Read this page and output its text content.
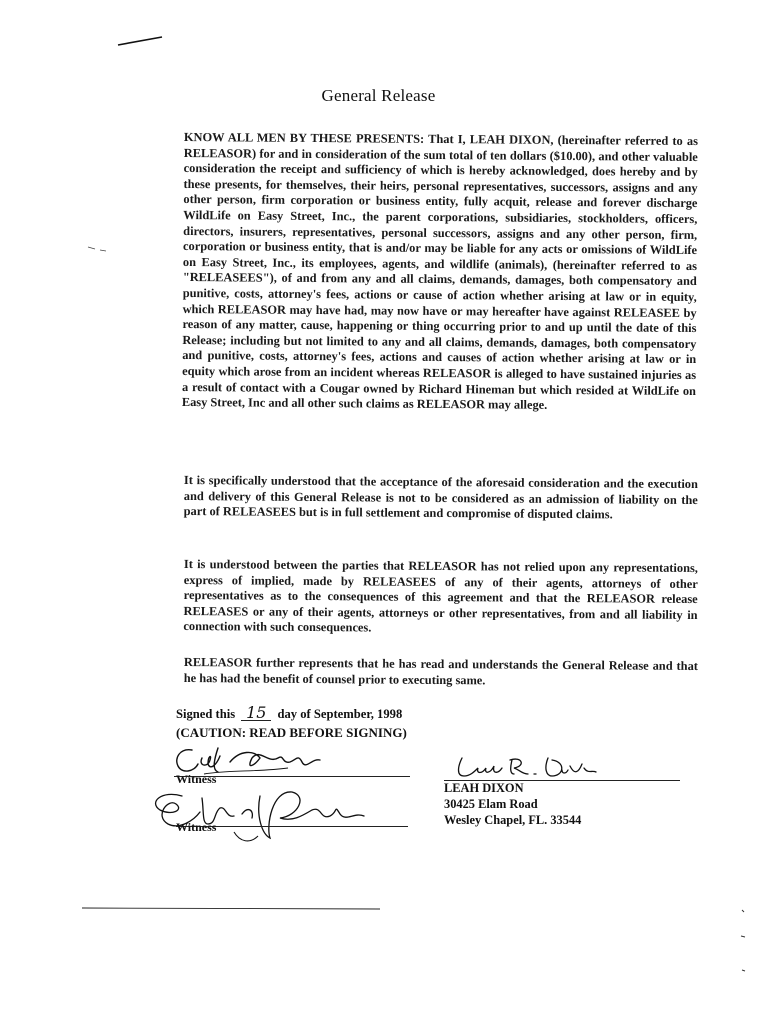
General Release
KNOW ALL MEN BY THESE PRESENTS: That I, LEAH DIXON, (hereinafter referred to as RELEASOR) for and in consideration of the sum total of ten dollars ($10.00), and other valuable consideration the receipt and sufficiency of which is hereby acknowledged, does hereby and by these presents, for themselves, their heirs, personal representatives, successors, assigns and any other person, firm corporation or business entity, fully acquit, release and forever discharge WildLife on Easy Street, Inc., the parent corporations, subsidiaries, stockholders, officers, directors, insurers, representatives, personal successors, assigns and any other person, firm, corporation or business entity, that is and/or may be liable for any acts or omissions of WildLife on Easy Street, Inc., its employees, agents, and wildlife (animals), (hereinafter referred to as "RELEASEES"), of and from any and all claims, demands, damages, both compensatory and punitive, costs, attorney's fees, actions or cause of action whether arising at law or in equity, which RELEASOR may have had, may now have or may hereafter have against RELEASEE by reason of any matter, cause, happening or thing occurring prior to and up until the date of this Release; including but not limited to any and all claims, demands, damages, both compensatory and punitive, costs, attorney's fees, actions and causes of action whether arising at law or in equity which arose from an incident whereas RELEASOR is alleged to have sustained injuries as a result of contact with a Cougar owned by Richard Hineman but which resided at WildLife on Easy Street, Inc and all other such claims as RELEASOR may allege.
It is specifically understood that the acceptance of the aforesaid consideration and the execution and delivery of this General Release is not to be considered as an admission of liability on the part of RELEASEES but is in full settlement and compromise of disputed claims.
It is understood between the parties that RELEASOR has not relied upon any representations, express of implied, made by RELEASEES of any of their agents, attorneys of other representatives as to the consequences of this agreement and that the RELEASOR release RELEASES or any of their agents, attorneys or other representatives, from and all liability in connection with such consequences.
RELEASOR further represents that he has read and understands the General Release and that he has had the benefit of counsel prior to executing same.
Signed this 15 day of September, 1998
(CAUTION: READ BEFORE SIGNING)
Witness
Witness
LEAH DIXON
30425 Elam Road
Wesley Chapel, FL. 33544
